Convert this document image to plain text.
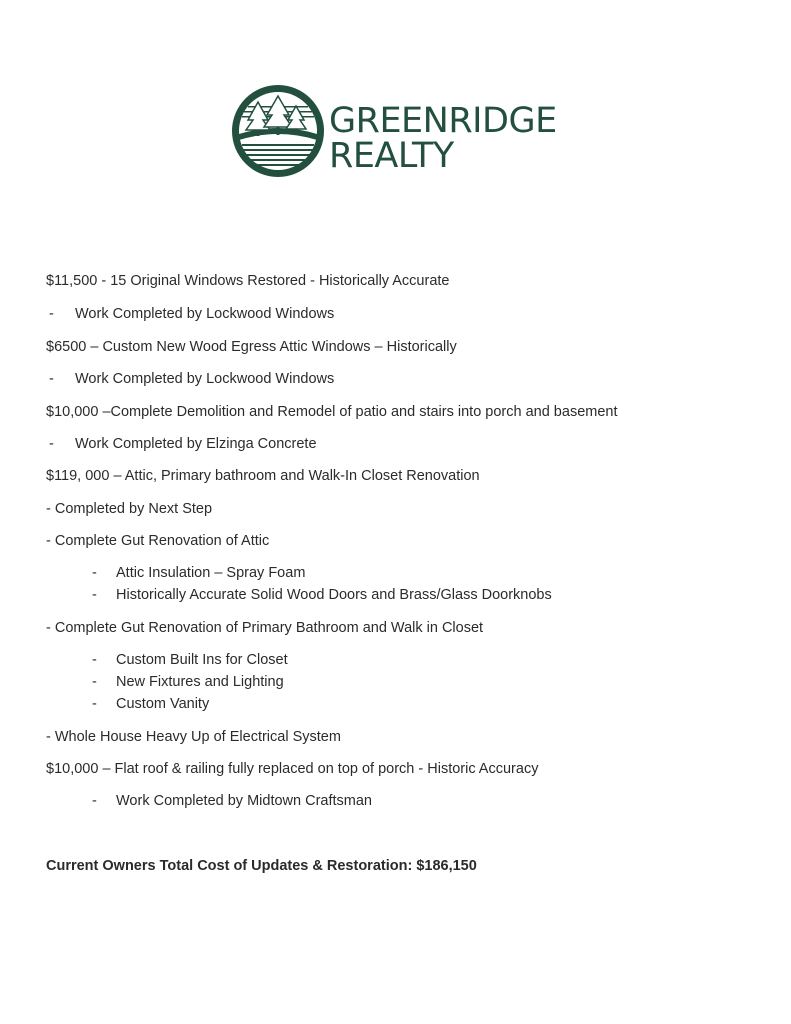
GREENRIDGE
REALTY
$11,500 - 15 Original Windows Restored - Historically Accurate
- Work Completed by Lockwood Windows
$6500 – Custom New Wood Egress Attic Windows – Historically
- Work Completed by Lockwood Windows
$10,000 –Complete Demolition and Remodel of patio and stairs into porch and basement
- Work Completed by Elzinga Concrete
$119, 000 – Attic, Primary bathroom and Walk-In Closet Renovation
- Completed by Next Step
- Complete Gut Renovation of Attic
- Attic Insulation – Spray Foam
- Historically Accurate Solid Wood Doors and Brass/Glass Doorknobs
- Complete Gut Renovation of Primary Bathroom and Walk in Closet
- Custom Built Ins for Closet
- New Fixtures and Lighting
- Custom Vanity
- Whole House Heavy Up of Electrical System
$10,000 – Flat roof & railing fully replaced on top of porch - Historic Accuracy
- Work Completed by Midtown Craftsman
Current Owners Total Cost of Updates & Restoration: $186,150
